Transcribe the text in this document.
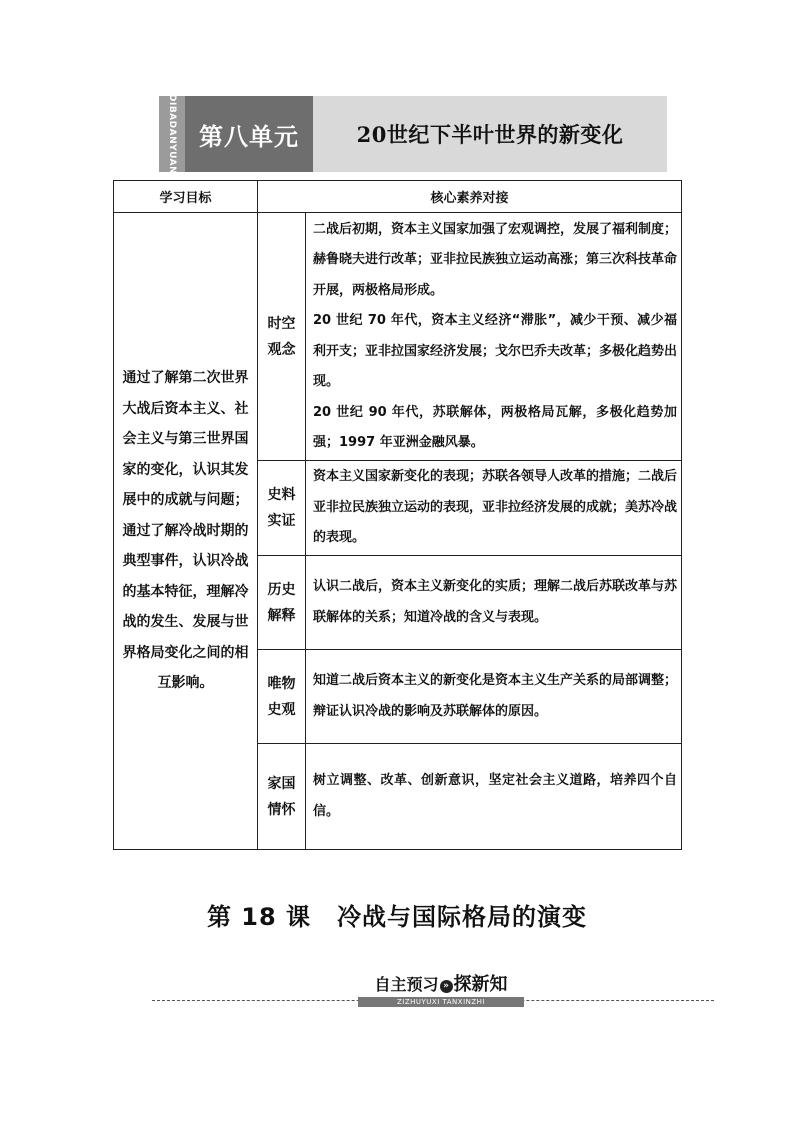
DIBADANYUAN 第八单元	20世纪下半叶世界的新变化
学习目标	核心素养对接	
通过了解第二次世界大战后资本主义、社会主义与第三世界国家的变化，认识其发展中的成就与问题；通过了解冷战时期的典型事件，认识冷战的基本特征，理解冷战的发生、发展与世界格局变化之间的相互影响。	时空观念	二战后初期，资本主义国家加强了宏观调控，发展了福利制度；赫鲁晓夫进行改革；亚非拉民族独立运动高涨；第三次科技革命开展，两极格局形成。

20 世纪 70 年代，资本主义经济“滞胀”，减少干预、减少福利开支；亚非拉国家经济发展；戈尔巴乔夫改革；多极化趋势出现。

20 世纪 90 年代，苏联解体，两极格局瓦解，多极化趋势加强；1997 年亚洲金融风暴。

	史料实证	资本主义国家新变化的表现；苏联各领导人改革的措施；二战后亚非拉民族独立运动的表现，亚非拉经济发展的成就；美苏冷战的表现。

	历史解释	认识二战后，资本主义新变化的实质；理解二战后苏联改革与苏联解体的关系；知道冷战的含义与表现。

	唯物史观	知道二战后资本主义的新变化是资本主义生产关系的局部调整；辩证认识冷战的影响及苏联解体的原因。

	家国情怀	树立调整、改革、创新意识，坚定社会主义道路，培养四个自信。

第 18 课 冷战与国际格局的演变
自主预习 » 探新知
ZIZHUYUXI TANXINZHI
